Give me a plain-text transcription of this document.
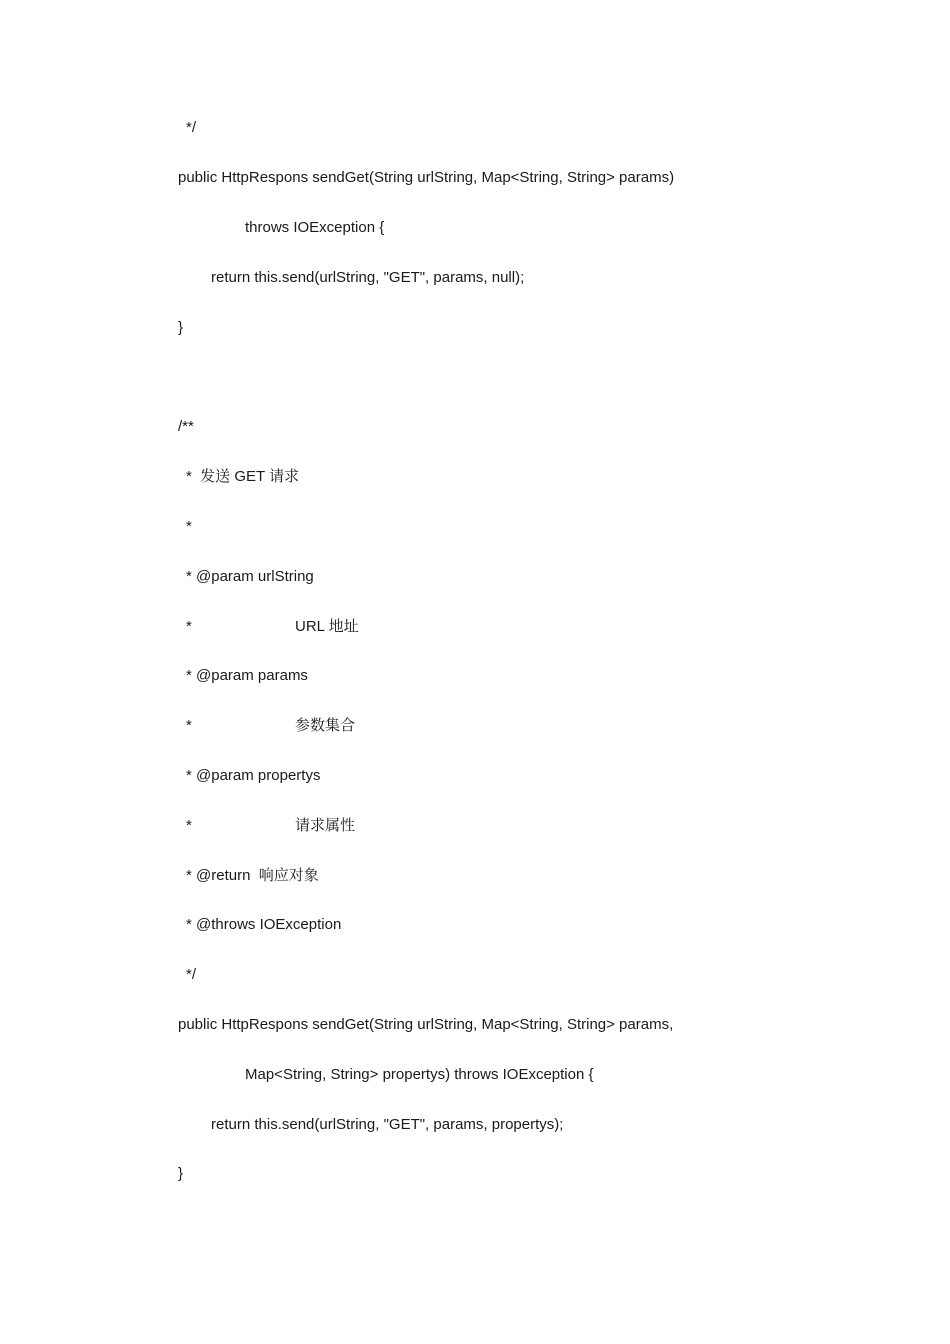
*/
public HttpRespons sendGet(String urlString, Map<String, String> params)
throws IOException {
return this.send(urlString, "GET", params, null);
}
/**
*  发送 GET 请求
*
* @param urlString
*	URL 地址
* @param params
*	参数集合
* @param propertys
*	请求属性
* @return  响应对象
* @throws IOException
*/
public HttpRespons sendGet(String urlString, Map<String, String> params,
Map<String, String> propertys) throws IOException {
return this.send(urlString, "GET", params, propertys);
}
